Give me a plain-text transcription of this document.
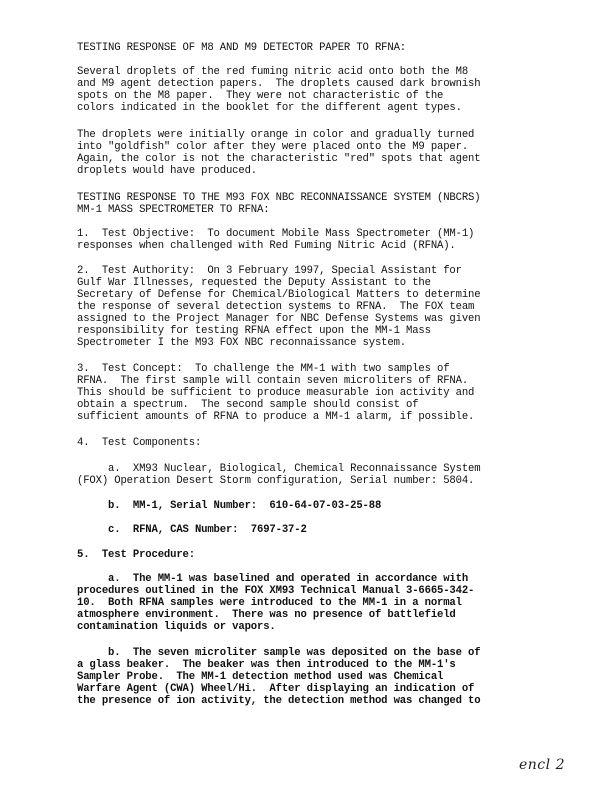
TESTING RESPONSE OF M8 AND M9 DETECTOR PAPER TO RFNA:
Several droplets of the red fuming nitric acid onto both the M8
and M9 agent detection papers.  The droplets caused dark brownish
spots on the M8 paper.  They were not characteristic of the
colors indicated in the booklet for the different agent types.
The droplets were initially orange in color and gradually turned
into "goldfish" color after they were placed onto the M9 paper.
Again, the color is not the characteristic "red" spots that agent
droplets would have produced.
TESTING RESPONSE TO THE M93 FOX NBC RECONNAISSANCE SYSTEM (NBCRS)
MM-1 MASS SPECTROMETER TO RFNA:
1.  Test Objective:  To document Mobile Mass Spectrometer (MM-1)
responses when challenged with Red Fuming Nitric Acid (RFNA).
2.  Test Authority:  On 3 February 1997, Special Assistant for
Gulf War Illnesses, requested the Deputy Assistant to the
Secretary of Defense for Chemical/Biological Matters to determine
the response of several detection systems to RFNA.  The FOX team
assigned to the Project Manager for NBC Defense Systems was given
responsibility for testing RFNA effect upon the MM-1 Mass
Spectrometer I the M93 FOX NBC reconnaissance system.
3.  Test Concept:  To challenge the MM-1 with two samples of
RFNA.  The first sample will contain seven microliters of RFNA.
This should be sufficient to produce measurable ion activity and
obtain a spectrum.  The second sample should consist of
sufficient amounts of RFNA to produce a MM-1 alarm, if possible.
4.  Test Components:
a.  XM93 Nuclear, Biological, Chemical Reconnaissance System
(FOX) Operation Desert Storm configuration, Serial number: 5804.
b.  MM-1, Serial Number:  610-64-07-03-25-88
c.  RFNA, CAS Number:  7697-37-2
5.  Test Procedure:
a.  The MM-1 was baselined and operated in accordance with
procedures outlined in the FOX XM93 Technical Manual 3-6665-342-
10.  Both RFNA samples were introduced to the MM-1 in a normal
atmosphere environment.  There was no presence of battlefield
contamination liquids or vapors.
b.  The seven microliter sample was deposited on the base of
a glass beaker.  The beaker was then introduced to the MM-1's
Sampler Probe.  The MM-1 detection method used was Chemical
Warfare Agent (CWA) Wheel/Hi.  After displaying an indication of
the presence of ion activity, the detection method was changed to
encl 2
